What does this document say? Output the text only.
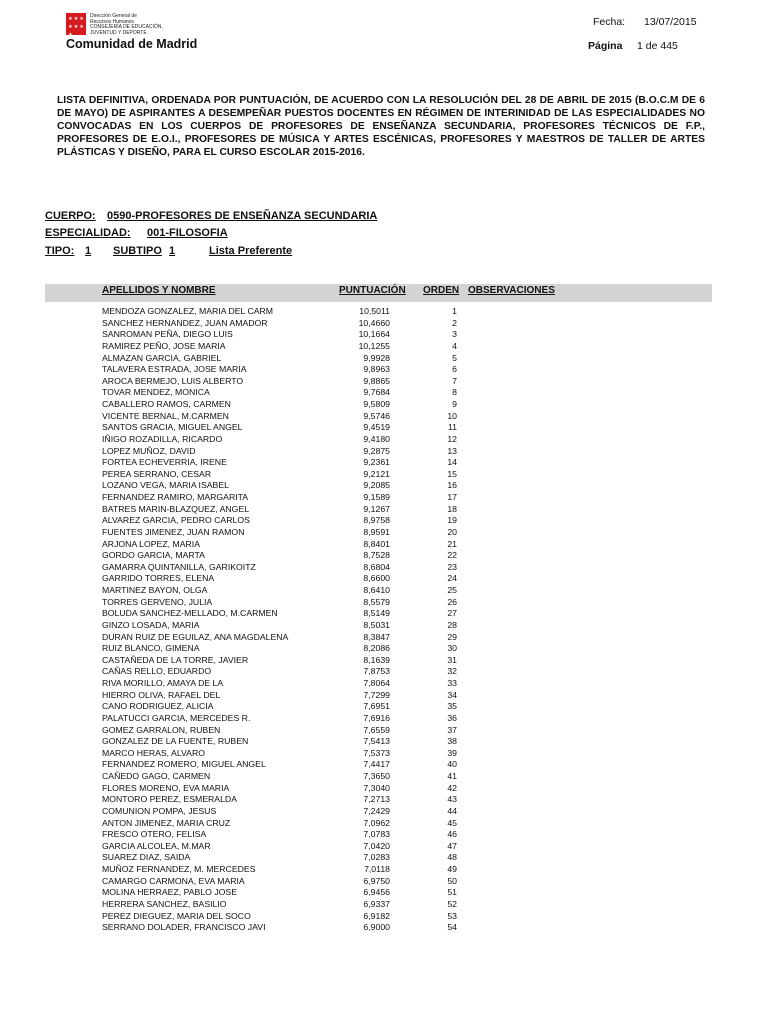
★ ★ ★
★ ★ ★
★
Dirección General de
Recursos Humanos
CONSEJERÍA DE EDUCACIÓN,
JUVENTUD Y DEPORTE
Comunidad de Madrid
Fecha: 13/07/2015
Página 1 de 445
LISTA DEFINITIVA, ORDENADA POR PUNTUACIÓN, DE ACUERDO CON LA RESOLUCIÓN DEL 28 DE ABRIL DE 2015 (B.O.C.M DE 6 DE MAYO) DE ASPIRANTES A DESEMPEÑAR PUESTOS DOCENTES EN RÉGIMEN DE INTERINIDAD DE LAS ESPECIALIDADES NO CONVOCADAS EN LOS CUERPOS DE PROFESORES DE ENSEÑANZA SECUNDARIA, PROFESORES TÉCNICOS DE F.P., PROFESORES DE E.O.I., PROFESORES DE MÚSICA Y ARTES ESCÉNICAS, PROFESORES Y MAESTROS DE TALLER DE ARTES PLÁSTICAS Y DISEÑO, PARA EL CURSO ESCOLAR 2015-2016.
CUERPO: 0590-PROFESORES DE ENSEÑANZA SECUNDARIA
ESPECIALIDAD: 001-FILOSOFIA
TIPO: 1 SUBTIPO 1	Lista Preferente
APELLIDOS Y NOMBRE	PUNTUACIÓN ORDEN OBSERVACIONES
MENDOZA GONZALEZ, MARIA DEL CARM	10,5011	1
SANCHEZ HERNANDEZ, JUAN AMADOR	10,4660	2
SANROMAN PEÑA, DIEGO LUIS	10,1664	3
RAMIREZ PEÑO, JOSE MARIA	10,1255	4
ALMAZAN GARCIA, GABRIEL	9,9928	5
TALAVERA ESTRADA, JOSE MARIA	9,8963	6
AROCA BERMEJO, LUIS ALBERTO	9,8865	7
TOVAR MENDEZ, MONICA	9,7684	8
CABALLERO RAMOS, CARMEN	9,5809	9
VICENTE BERNAL, M.CARMEN	9,5746	10
SANTOS GRACIA, MIGUEL ANGEL	9,4519	11
IÑIGO ROZADILLA, RICARDO	9,4180	12
LOPEZ MUÑOZ, DAVID	9,2875	13
FORTEA ECHEVERRIA, IRENE	9,2361	14
PEREA SERRANO, CESAR	9,2121	15
LOZANO VEGA, MARIA ISABEL	9,2085	16
FERNANDEZ RAMIRO, MARGARITA	9,1589	17
BATRES MARIN-BLAZQUEZ, ANGEL	9,1267	18
ALVAREZ GARCIA, PEDRO CARLOS	8,9758	19
FUENTES JIMENEZ, JUAN RAMON	8,9591	20
ARJONA LOPEZ, MARIA	8,8401	21
GORDO GARCIA, MARTA	8,7528	22
GAMARRA QUINTANILLA, GARIKOITZ	8,6804	23
GARRIDO TORRES, ELENA	8,6600	24
MARTINEZ BAYON, OLGA	8,6410	25
TORRES GERVENO, JULIA	8,5579	26
BOLUDA SANCHEZ-MELLADO, M.CARMEN	8,5149	27
GINZO LOSADA, MARIA	8,5031	28
DURAN RUIZ DE EGUILAZ, ANA MAGDALENA	8,3847	29
RUIZ BLANCO, GIMENA	8,2086	30
CASTAÑEDA DE LA TORRE, JAVIER	8,1639	31
CAÑAS RELLO, EDUARDO	7,8753	32
RIVA MORILLO, AMAYA DE LA	7,8064	33
HIERRO OLIVA, RAFAEL DEL	7,7299	34
CANO RODRIGUEZ, ALICIA	7,6951	35
PALATUCCI GARCIA, MERCEDES R.	7,6916	36
GOMEZ GARRALON, RUBEN	7,6559	37
GONZALEZ DE LA FUENTE, RUBEN	7,5413	38
MARCO HERAS, ALVARO	7,5373	39
FERNANDEZ ROMERO, MIGUEL ANGEL	7,4417	40
CAÑEDO GAGO, CARMEN	7,3650	41
FLORES MORENO, EVA MARIA	7,3040	42
MONTORO PEREZ, ESMERALDA	7,2713	43
COMUNION POMPA, JESUS	7,2429	44
ANTON JIMENEZ, MARIA CRUZ	7,0962	45
FRESCO OTERO, FELISA	7,0783	46
GARCIA ALCOLEA, M.MAR	7,0420	47
SUAREZ DIAZ, SAIDA	7,0283	48
MUÑOZ FERNANDEZ, M. MERCEDES	7,0118	49
CAMARGO CARMONA, EVA MARIA	6,9750	50
MOLINA HERRAEZ, PABLO JOSE	6,9456	51
HERRERA SANCHEZ, BASILIO	6,9337	52
PEREZ DIEGUEZ, MARIA DEL SOCO	6,9182	53
SERRANO DOLADER, FRANCISCO JAVI	6,9000	54
